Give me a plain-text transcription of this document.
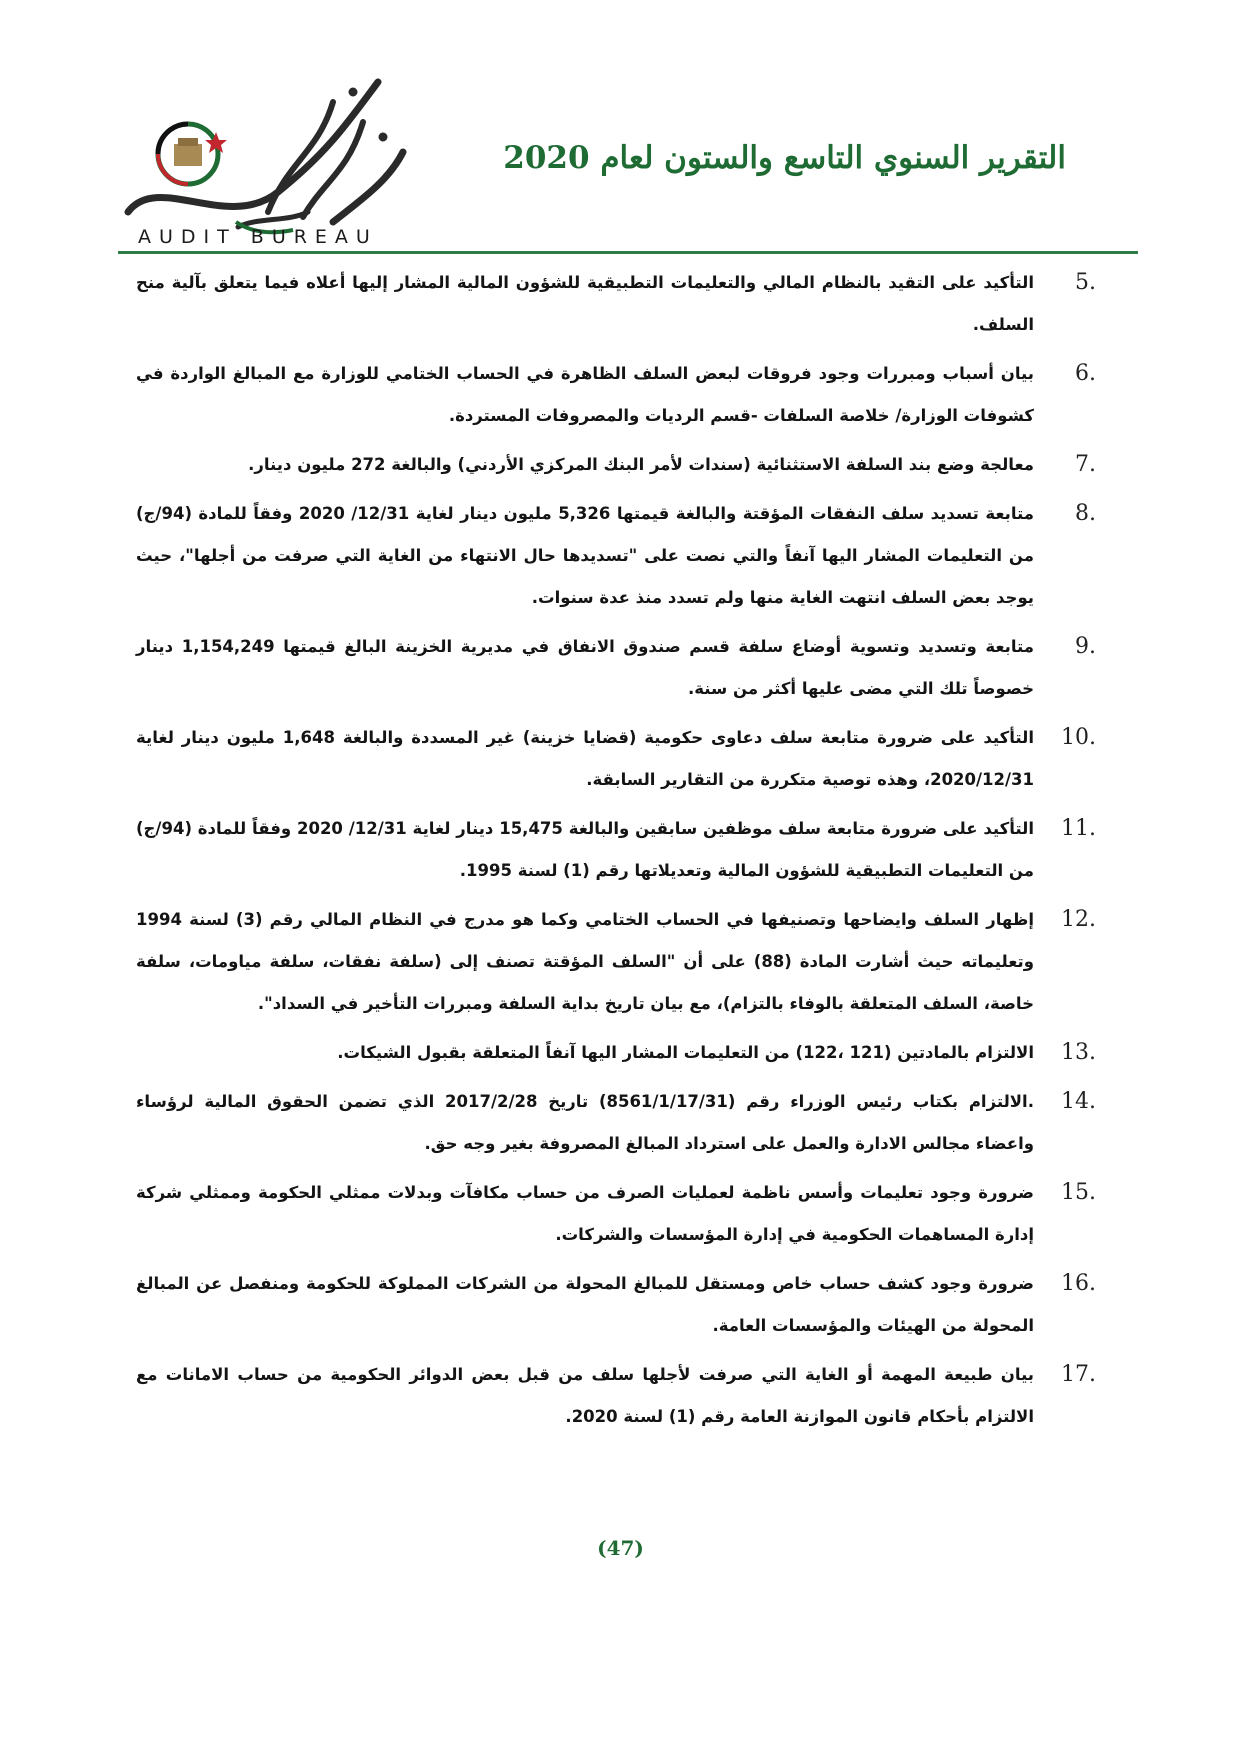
التقرير السنوي التاسع والستون لعام 2020
AUDIT BUREAU
5.
التأكيد على التقيد بالنظام المالي والتعليمات التطبيقية للشؤون المالية المشار إليها أعلاه فيما يتعلق بآلية منح السلف.
6.
بيان أسباب ومبررات وجود فروقات لبعض السلف الظاهرة في الحساب الختامي للوزارة مع المبالغ الواردة في كشوفات الوزارة/ خلاصة السلفات -قسم الرديات والمصروفات المستردة.
7.
معالجة وضع بند السلفة الاستثنائية (سندات لأمر البنك المركزي الأردني) والبالغة 272 مليون دينار.
8.
متابعة تسديد سلف النفقات المؤقتة والبالغة قيمتها 5,326 مليون دينار لغاية 12/31/ 2020 وفقاً للمادة (94/ج) من التعليمات المشار اليها آنفاً والتي نصت على "تسديدها حال الانتهاء من الغاية التي صرفت من أجلها"، حيث يوجد بعض السلف انتهت الغاية منها ولم تسدد منذ عدة سنوات.
9.
متابعة وتسديد وتسوية أوضاع سلفة قسم صندوق الانفاق في مديرية الخزينة البالغ قيمتها 1,154,249 دينار خصوصاً تلك التي مضى عليها أكثر من سنة.
10.
التأكيد على ضرورة متابعة سلف دعاوى حكومية (قضايا خزينة) غير المسددة والبالغة 1,648 مليون دينار لغاية 2020/12/31، وهذه توصية متكررة من التقارير السابقة.
11.
التأكيد على ضرورة متابعة سلف موظفين سابقين والبالغة 15,475 دينار لغاية 12/31/ 2020 وفقاً للمادة (94/ج) من التعليمات التطبيقية للشؤون المالية وتعديلاتها رقم (1) لسنة 1995.
12.
إظهار السلف وايضاحها وتصنيفها في الحساب الختامي وكما هو مدرج في النظام المالي رقم (3) لسنة 1994 وتعليماته حيث أشارت المادة (88) على أن "السلف المؤقتة تصنف إلى (سلفة نفقات، سلفة مياومات، سلفة خاصة، السلف المتعلقة بالوفاء بالتزام)، مع بيان تاريخ بداية السلفة ومبررات التأخير في السداد".
13.
الالتزام بالمادتين (121 ،122) من التعليمات المشار اليها آنفاً المتعلقة بقبول الشيكات.
14.
.الالتزام بكتاب رئيس الوزراء رقم (8561/1/17/31) تاريخ 2017/2/28 الذي تضمن الحقوق المالية لرؤساء واعضاء مجالس الادارة والعمل على استرداد المبالغ المصروفة بغير وجه حق.
15.
ضرورة وجود تعليمات وأسس ناظمة لعمليات الصرف من حساب مكافآت وبدلات ممثلي الحكومة وممثلي شركة إدارة المساهمات الحكومية في إدارة المؤسسات والشركات.
16.
ضرورة وجود كشف حساب خاص ومستقل للمبالغ المحولة من الشركات المملوكة للحكومة ومنفصل عن المبالغ المحولة من الهيئات والمؤسسات العامة.
17.
بيان طبيعة المهمة أو الغاية التي صرفت لأجلها سلف من قبل بعض الدوائر الحكومية من حساب الامانات مع الالتزام بأحكام قانون الموازنة العامة رقم (1) لسنة 2020.
(47)
